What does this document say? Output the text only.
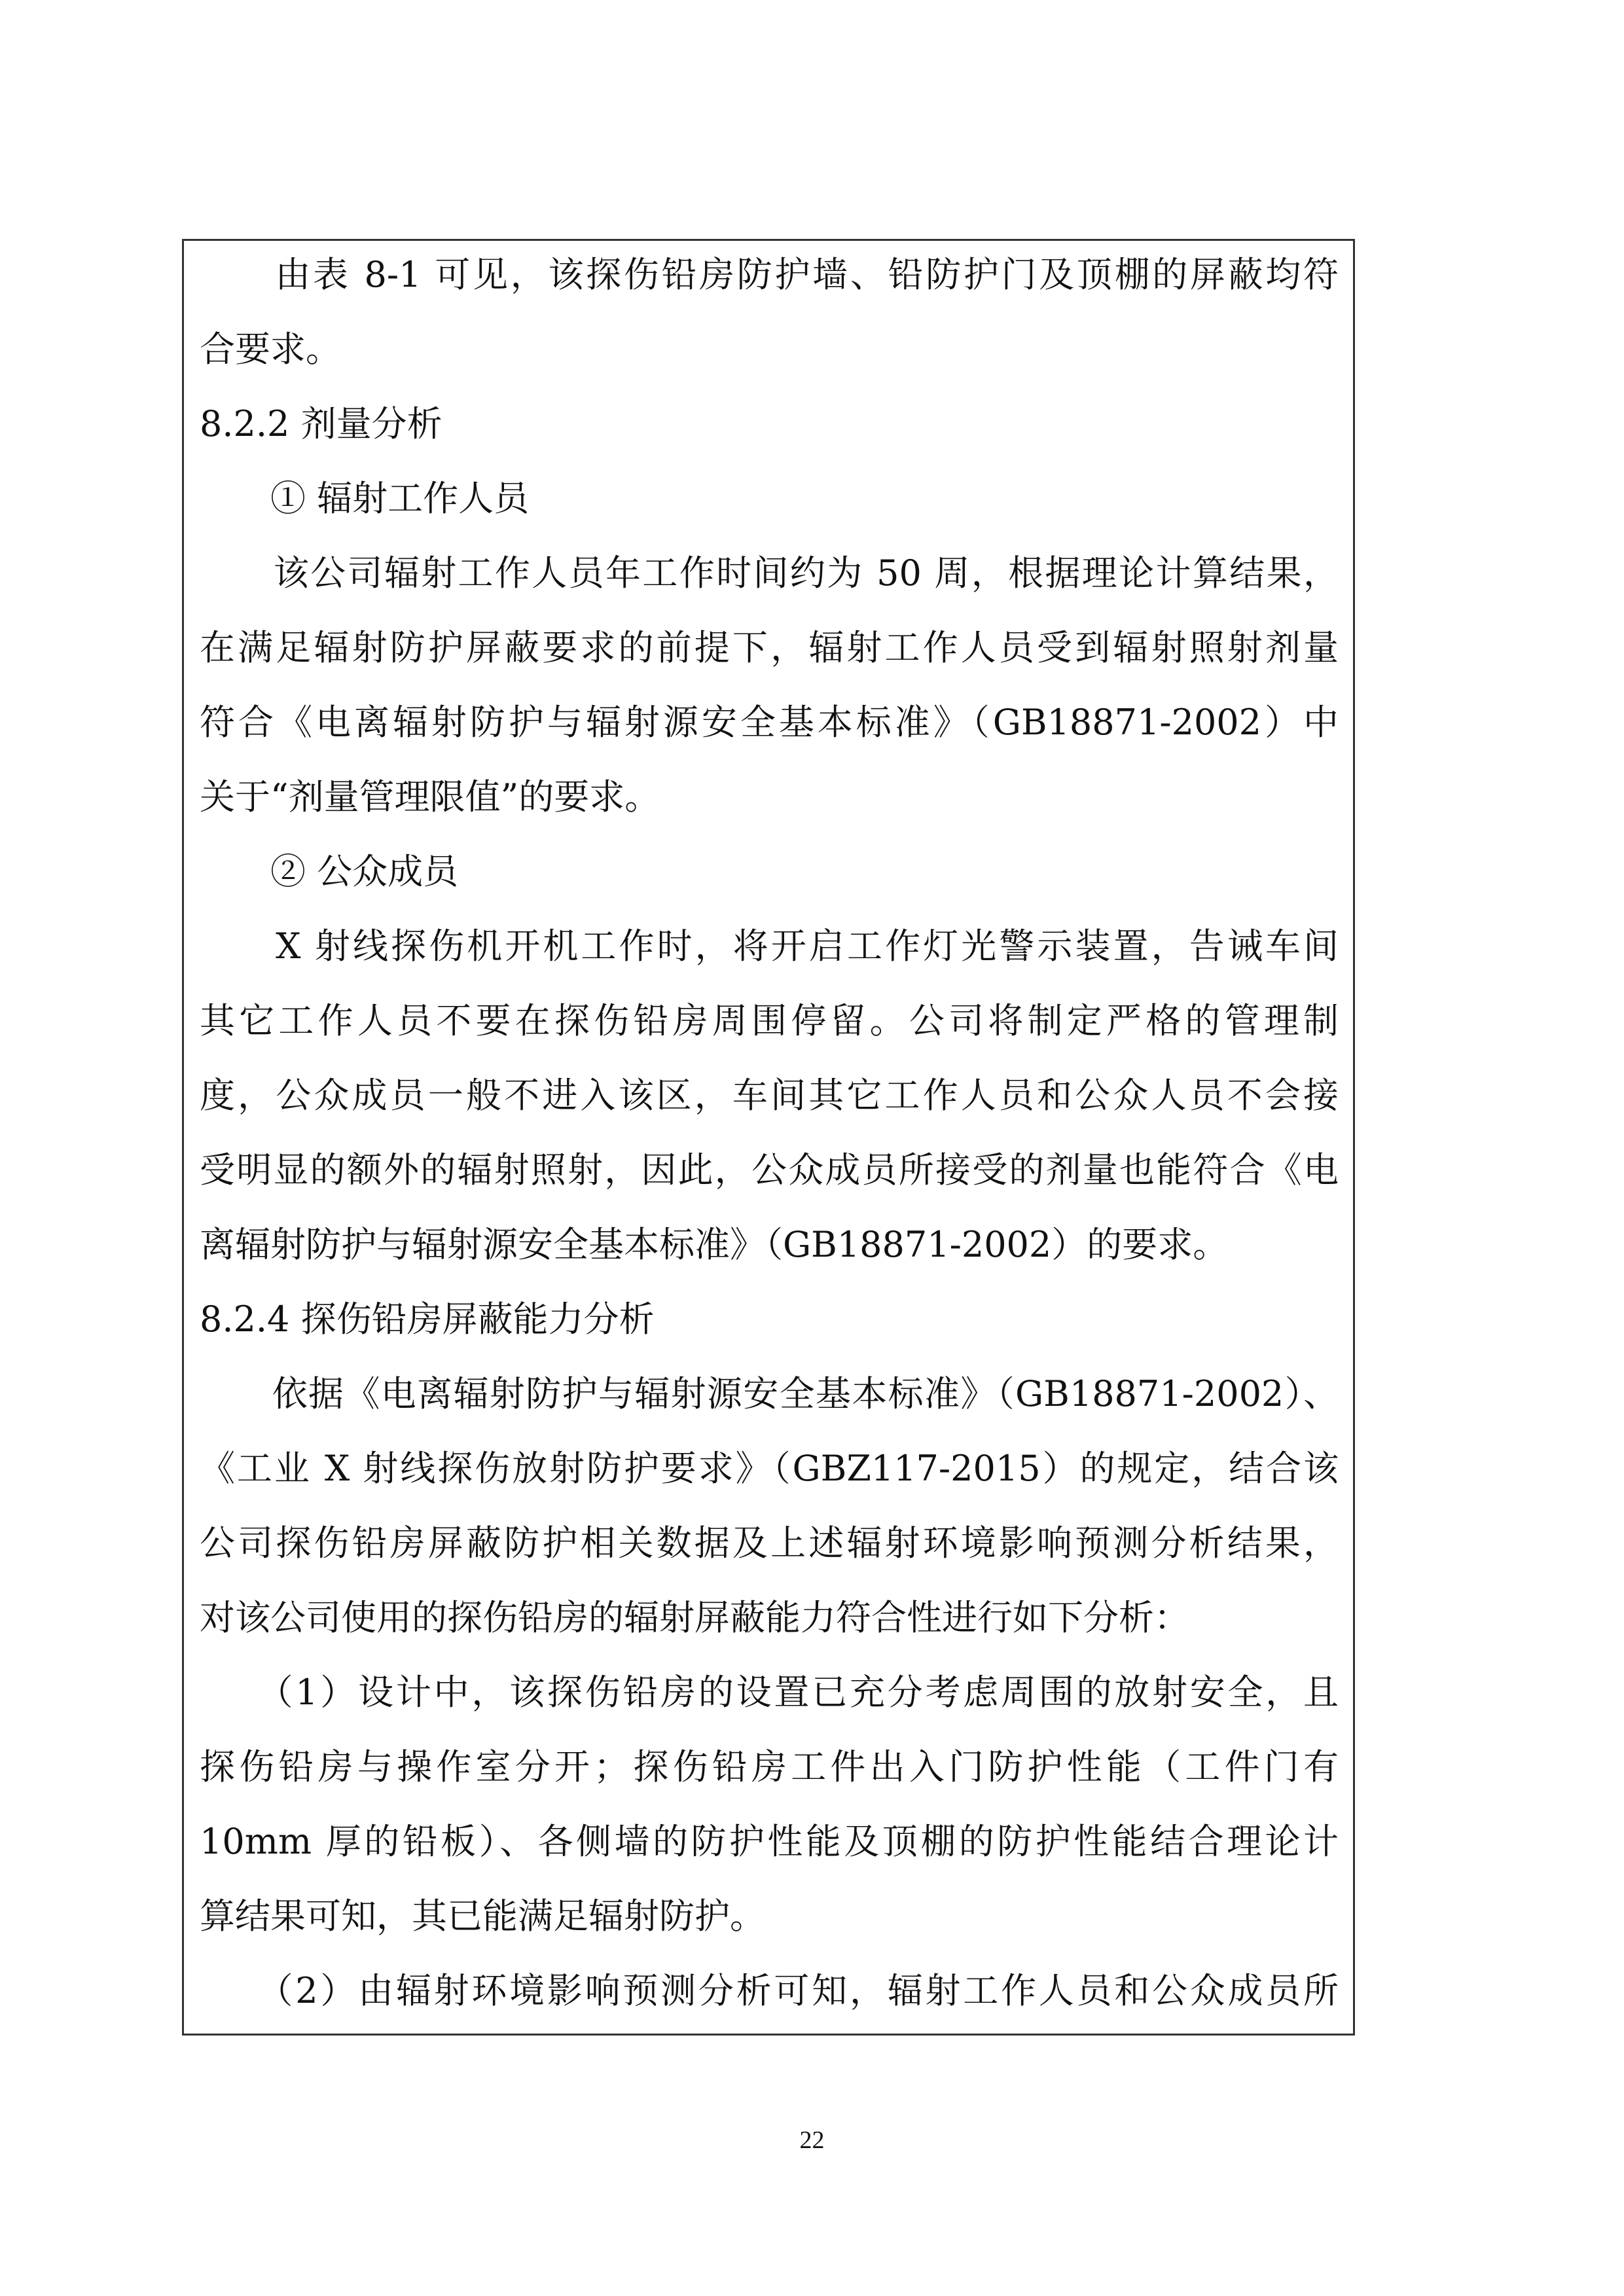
　　由表 8-1 可见，该探伤铅房防护墙、铅防护门及顶棚的屏蔽均符
合要求。
8.2.2 剂量分析
　　① 辐射工作人员
　　该公司辐射工作人员年工作时间约为 50 周，根据理论计算结果，
在满足辐射防护屏蔽要求的前提下，辐射工作人员受到辐射照射剂量
符合《电离辐射防护与辐射源安全基本标准》（GB18871-2002）中
关于“剂量管理限值”的要求。
　　② 公众成员
　　X 射线探伤机开机工作时，将开启工作灯光警示装置，告诫车间
其它工作人员不要在探伤铅房周围停留。公司将制定严格的管理制
度，公众成员一般不进入该区，车间其它工作人员和公众人员不会接
受明显的额外的辐射照射，因此，公众成员所接受的剂量也能符合《电
离辐射防护与辐射源安全基本标准》（GB18871-2002）的要求。
8.2.4 探伤铅房屏蔽能力分析
　　依据《电离辐射防护与辐射源安全基本标准》（GB18871-2002）、
《工业 X 射线探伤放射防护要求》（GBZ117-2015）的规定，结合该
公司探伤铅房屏蔽防护相关数据及上述辐射环境影响预测分析结果，
对该公司使用的探伤铅房的辐射屏蔽能力符合性进行如下分析：
　　（1）设计中，该探伤铅房的设置已充分考虑周围的放射安全，且
探伤铅房与操作室分开；探伤铅房工件出入门防护性能（工件门有
10mm 厚的铅板）、各侧墙的防护性能及顶棚的防护性能结合理论计
算结果可知，其已能满足辐射防护。
　　（2）由辐射环境影响预测分析可知，辐射工作人员和公众成员所
22
